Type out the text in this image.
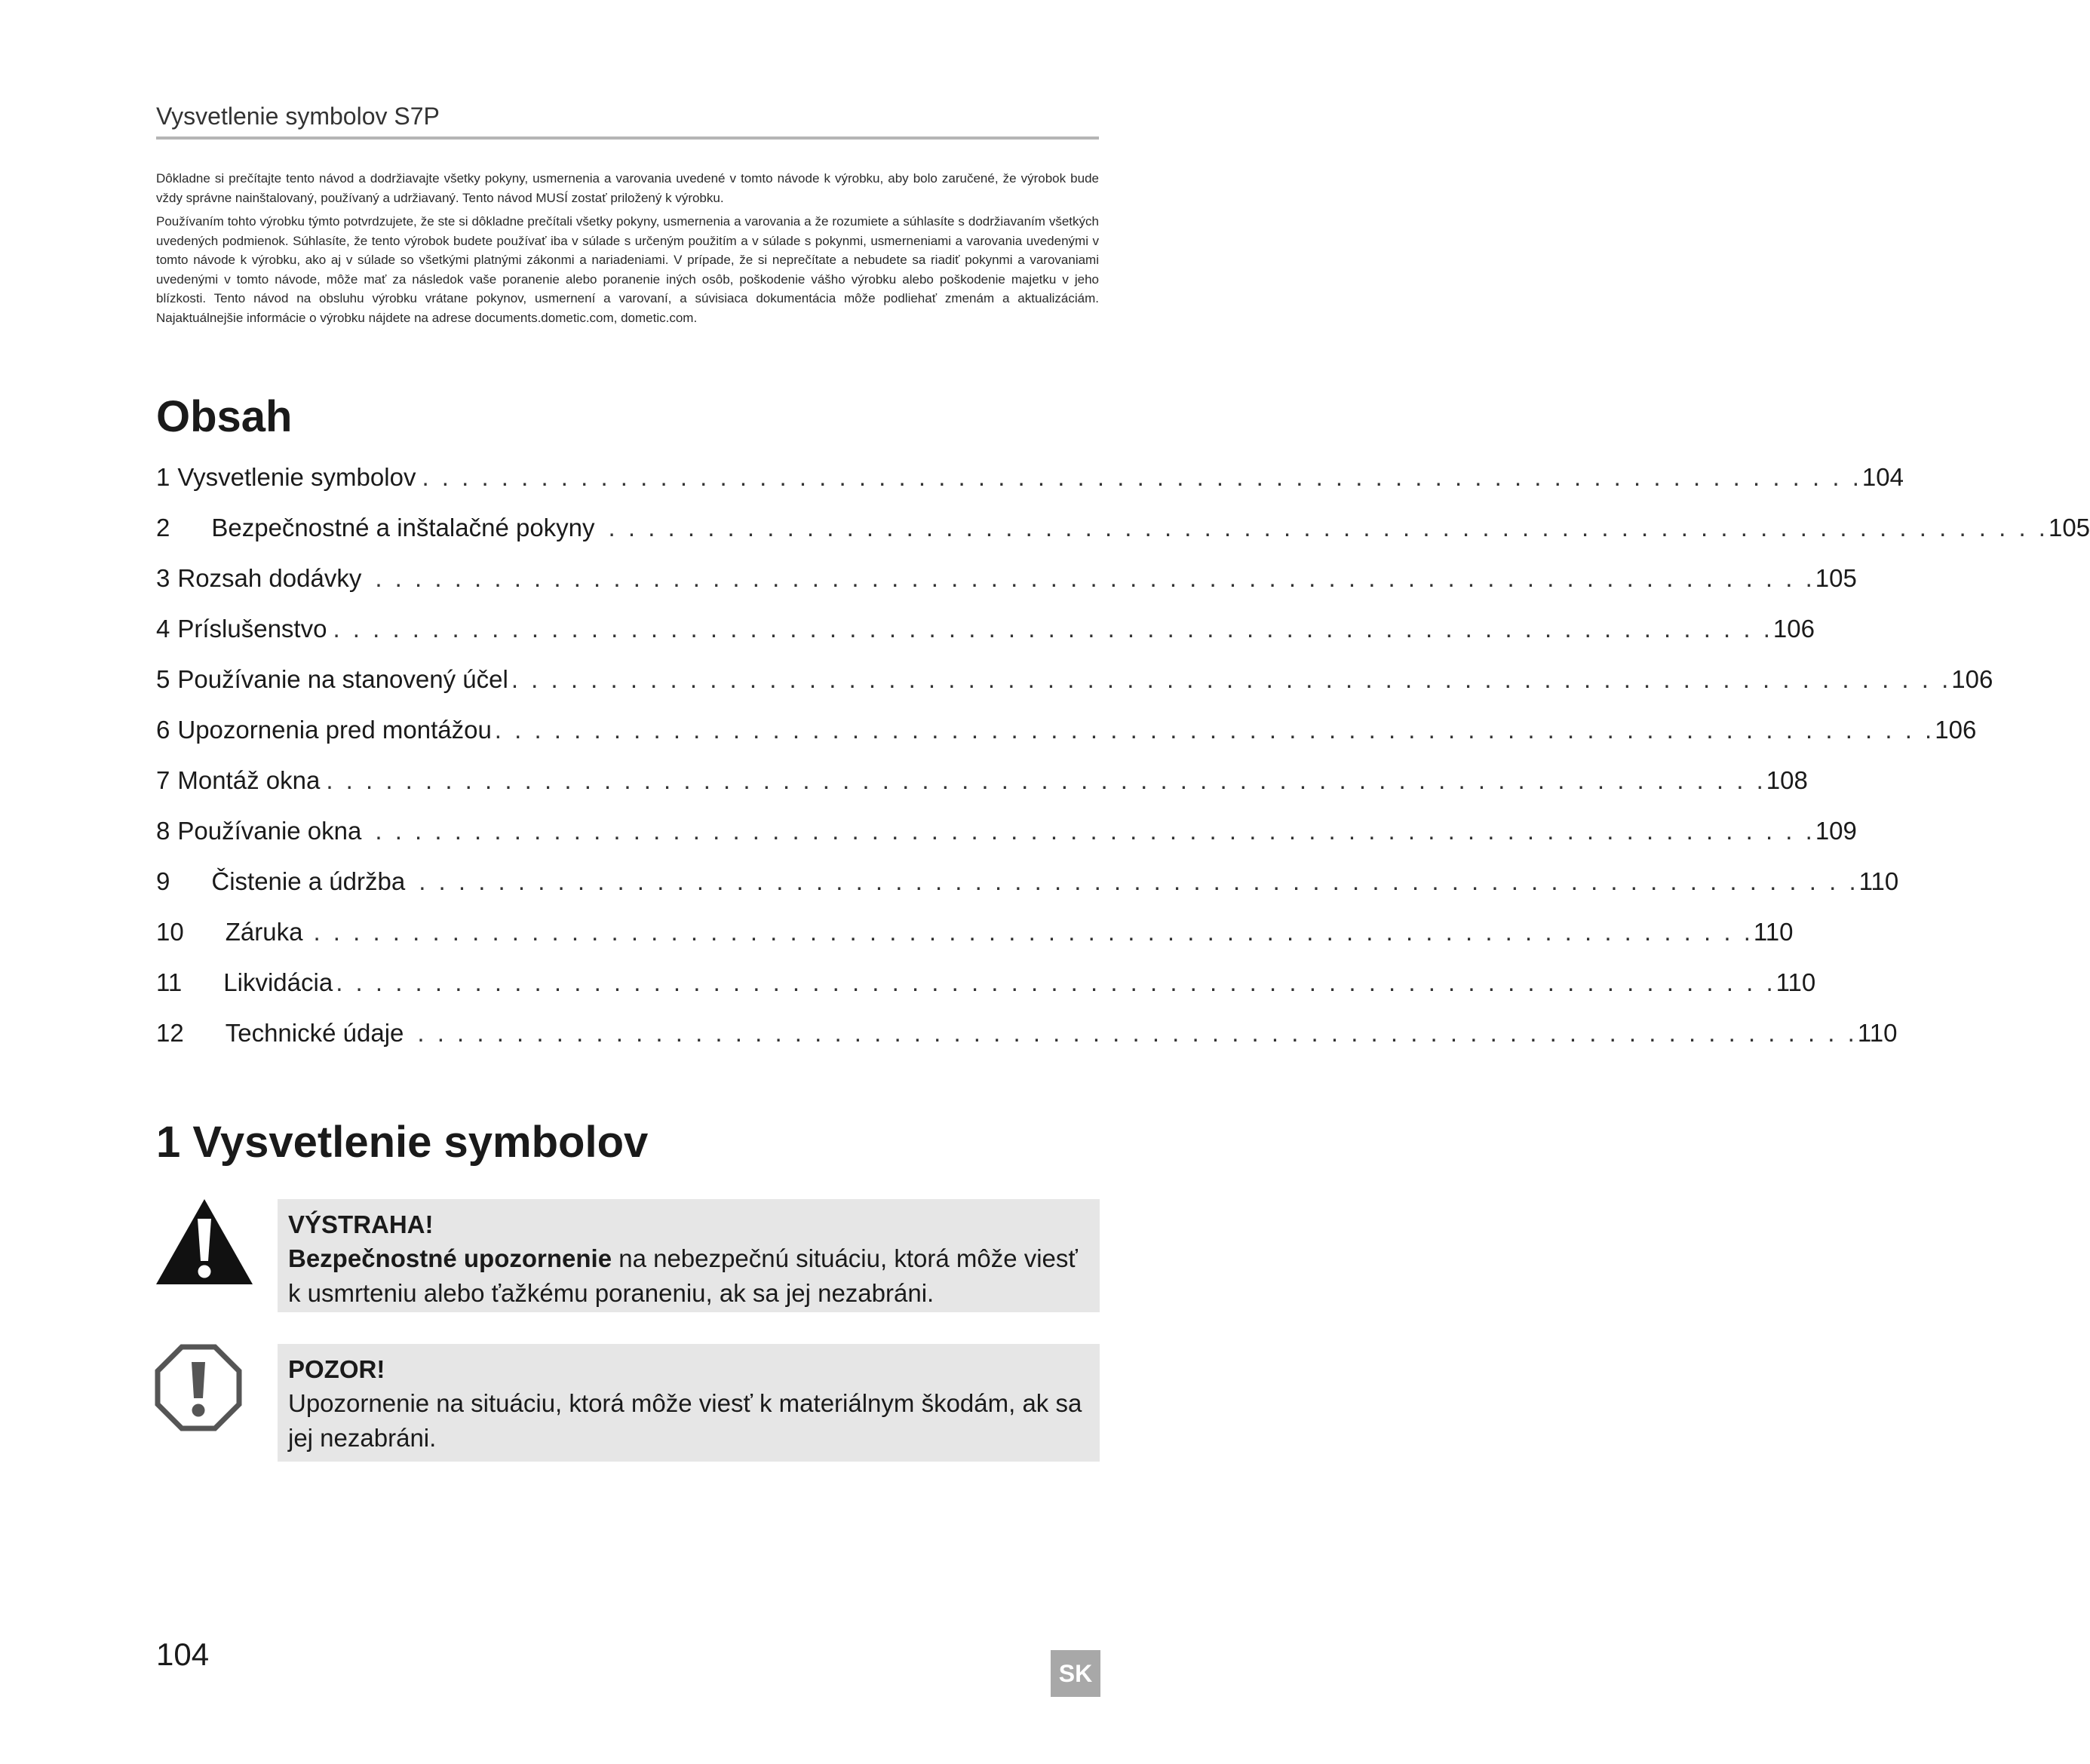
Vysvetlenie symbolov S7P

Dôkladne si prečítajte tento návod a dodržiavajte všetky pokyny, usmernenia a varovania uvedené v tomto návode k výrobku, aby bolo zaručené, že výrobok bude vždy správne nainštalovaný, používaný a udržiavaný. Tento návod MUSÍ zostať priložený k výrobku.

Používaním tohto výrobku týmto potvrdzujete, že ste si dôkladne prečítali všetky pokyny, usmernenia a varovania a že rozumiete a súhlasíte s dodržiavaním všetkých uvedených podmienok. Súhlasíte, že tento výrobok budete používať iba v súlade s určeným použitím a v súlade s pokynmi, usmerneniami a varovania uvedenými v tomto návode k výrobku, ako aj v súlade so všetkými platnými zákonmi a nariadeniami. V prípade, že si neprečítate a nebudete sa riadiť pokynmi a varovaniami uvedenými v tomto návode, môže mať za následok vaše poranenie alebo poranenie iných osôb, poškodenie vášho výrobku alebo poškodenie majetku v jeho blízkosti. Tento návod na obsluhu výrobku vrátane pokynov, usmernení a varovaní, a súvisiaca dokumentácia môže podliehať zmenám a aktualizáciám. Najaktuálnejšie informácie o výrobku nájdete na adrese documents.dometic.com, dometic.com.

Obsah
1 Vysvetlenie symbolov . . . . . . . . . . . . . . . . . . . . . . . . . . . . . . . . . . . . . . . . . . . . . . . . . . . . . . . . . . . . . . . . . . . . . . . . . 104
2	Bezpečnostné a inštalačné pokyny . . . . . . . . . . . . . . . . . . . . . . . . . . . . . . . . . . . . . . . . . . . . . . . . . . . . . . . . . . . . . . . . . . . . . . . . . 105
3 Rozsah dodávky . . . . . . . . . . . . . . . . . . . . . . . . . . . . . . . . . . . . . . . . . . . . . . . . . . . . . . . . . . . . . . . . . . . . . . . . . 105
4 Príslušenstvo . . . . . . . . . . . . . . . . . . . . . . . . . . . . . . . . . . . . . . . . . . . . . . . . . . . . . . . . . . . . . . . . . . . . . . . . . 106
5 Používanie na stanovený účel . . . . . . . . . . . . . . . . . . . . . . . . . . . . . . . . . . . . . . . . . . . . . . . . . . . . . . . . . . . . . . . . . . . . . . . . . 106
6 Upozornenia pred montážou . . . . . . . . . . . . . . . . . . . . . . . . . . . . . . . . . . . . . . . . . . . . . . . . . . . . . . . . . . . . . . . . . . . . . . . . . 106
7 Montáž okna . . . . . . . . . . . . . . . . . . . . . . . . . . . . . . . . . . . . . . . . . . . . . . . . . . . . . . . . . . . . . . . . . . . . . . . . . 108
8 Používanie okna . . . . . . . . . . . . . . . . . . . . . . . . . . . . . . . . . . . . . . . . . . . . . . . . . . . . . . . . . . . . . . . . . . . . . . . . . 109
9	Čistenie a údržba . . . . . . . . . . . . . . . . . . . . . . . . . . . . . . . . . . . . . . . . . . . . . . . . . . . . . . . . . . . . . . . . . . . . . . . . . 110
10	Záruka . . . . . . . . . . . . . . . . . . . . . . . . . . . . . . . . . . . . . . . . . . . . . . . . . . . . . . . . . . . . . . . . . . . . . . . . . 110
11	Likvidácia . . . . . . . . . . . . . . . . . . . . . . . . . . . . . . . . . . . . . . . . . . . . . . . . . . . . . . . . . . . . . . . . . . . . . . . . . 110
12	Technické údaje . . . . . . . . . . . . . . . . . . . . . . . . . . . . . . . . . . . . . . . . . . . . . . . . . . . . . . . . . . . . . . . . . . . . . . . . . 110
1 Vysvetlenie symbolov
VÝSTRAHA!
Bezpečnostné upozornenie na nebezpečnú situáciu, ktorá môže viesť k usmrteniu alebo ťažkému poraneniu, ak sa jej nezabráni.
POZOR!
Upozornenie na situáciu, ktorá môže viesť k materiálnym škodám, ak sa jej nezabráni.
104
SK
